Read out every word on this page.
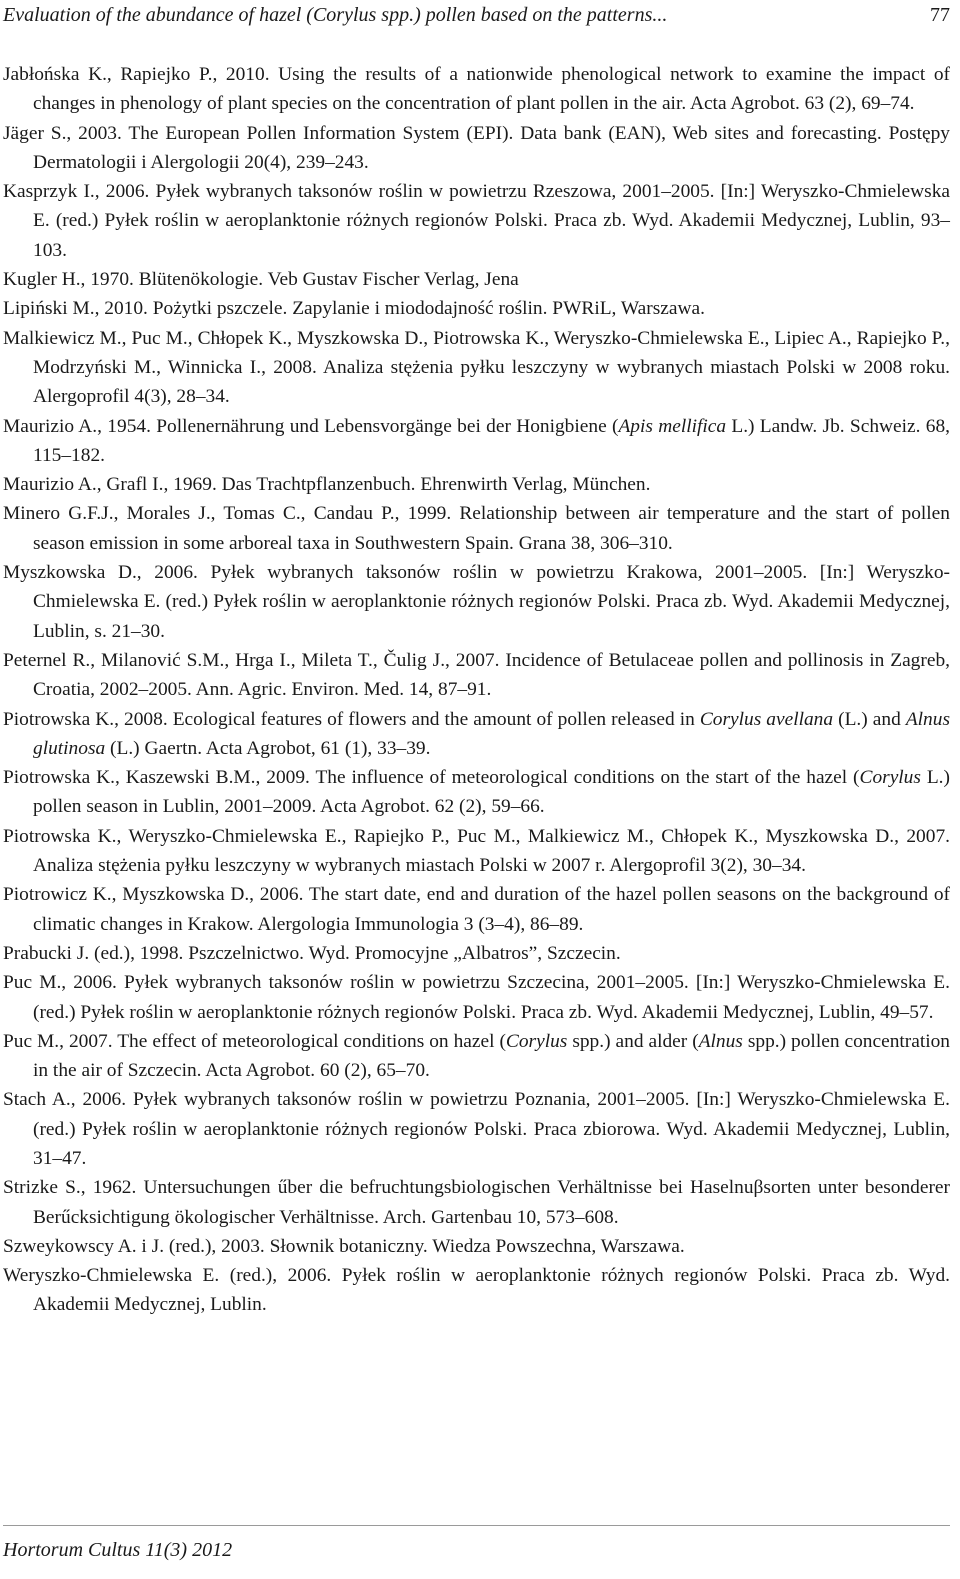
Evaluation of the abundance of hazel (Corylus spp.) pollen based on the patterns...	77

Jabłońska K., Rapiejko P., 2010. Using the results of a nationwide phenological network to examine the impact of changes in phenology of plant species on the concentration of plant pollen in the air. Acta Agrobot. 63 (2), 69–74.

Jäger S., 2003. The European Pollen Information System (EPI). Data bank (EAN), Web sites and forecasting. Postępy Dermatologii i Alergologii 20(4), 239–243.

Kasprzyk I., 2006. Pyłek wybranych taksonów roślin w powietrzu Rzeszowa, 2001–2005. [In:] Weryszko-Chmielewska E. (red.) Pyłek roślin w aeroplanktonie różnych regionów Polski. Praca zb. Wyd. Akademii Medycznej, Lublin, 93–103.

Kugler H., 1970. Blütenökologie. Veb Gustav Fischer Verlag, Jena

Lipiński M., 2010. Pożytki pszczele. Zapylanie i miododajność roślin. PWRiL, Warszawa.

Malkiewicz M., Puc M., Chłopek K., Myszkowska D., Piotrowska K., Weryszko-Chmielewska E., Lipiec A., Rapiejko P., Modrzyński M., Winnicka I., 2008. Analiza stężenia pyłku leszczyny w wybranych miastach Polski w 2008 roku. Alergoprofil 4(3), 28–34.

Maurizio A., 1954. Pollenernährung und Lebensvorgänge bei der Honigbiene (Apis mellifica L.) Landw. Jb. Schweiz. 68, 115–182.

Maurizio A., Grafl I., 1969. Das Trachtpflanzenbuch. Ehrenwirth Verlag, München.

Minero G.F.J., Morales J., Tomas C., Candau P., 1999. Relationship between air temperature and the start of pollen season emission in some arboreal taxa in Southwestern Spain. Grana 38, 306–310.

Myszkowska D., 2006. Pyłek wybranych taksonów roślin w powietrzu Krakowa, 2001–2005. [In:] Weryszko-Chmielewska E. (red.) Pyłek roślin w aeroplanktonie różnych regionów Polski. Praca zb. Wyd. Akademii Medycznej, Lublin, s. 21–30.

Peternel R., Milanović S.M., Hrga I., Mileta T., Čulig J., 2007. Incidence of Betulaceae pollen and pollinosis in Zagreb, Croatia, 2002–2005. Ann. Agric. Environ. Med. 14, 87–91.

Piotrowska K., 2008. Ecological features of flowers and the amount of pollen released in Corylus avellana (L.) and Alnus glutinosa (L.) Gaertn. Acta Agrobot, 61 (1), 33–39.

Piotrowska K., Kaszewski B.M., 2009. The influence of meteorological conditions on the start of the hazel (Corylus L.) pollen season in Lublin, 2001–2009. Acta Agrobot. 62 (2), 59–66.

Piotrowska K., Weryszko-Chmielewska E., Rapiejko P., Puc M., Malkiewicz M., Chłopek K., Myszkowska D., 2007. Analiza stężenia pyłku leszczyny w wybranych miastach Polski w 2007 r. Alergoprofil 3(2), 30–34.

Piotrowicz K., Myszkowska D., 2006. The start date, end and duration of the hazel pollen seasons on the background of climatic changes in Krakow. Alergologia Immunologia 3 (3–4), 86–89.

Prabucki J. (ed.), 1998. Pszczelnictwo. Wyd. Promocyjne „Albatros”, Szczecin.

Puc M., 2006. Pyłek wybranych taksonów roślin w powietrzu Szczecina, 2001–2005. [In:] Weryszko-Chmielewska E. (red.) Pyłek roślin w aeroplanktonie różnych regionów Polski. Praca zb. Wyd. Akademii Medycznej, Lublin, 49–57.

Puc M., 2007. The effect of meteorological conditions on hazel (Corylus spp.) and alder (Alnus spp.) pollen concentration in the air of Szczecin. Acta Agrobot. 60 (2), 65–70.

Stach A., 2006. Pyłek wybranych taksonów roślin w powietrzu Poznania, 2001–2005. [In:] Weryszko-Chmielewska E. (red.) Pyłek roślin w aeroplanktonie różnych regionów Polski. Praca zbiorowa. Wyd. Akademii Medycznej, Lublin, 31–47.

Strizke S., 1962. Untersuchungen űber die befruchtungsbiologischen Verhältnisse bei Haselnuβsorten unter besonderer Berűcksichtigung ökologischer Verhältnisse. Arch. Gartenbau 10, 573–608.

Szweykowscy A. i J. (red.), 2003. Słownik botaniczny. Wiedza Powszechna, Warszawa.

Weryszko-Chmielewska E. (red.), 2006. Pyłek roślin w aeroplanktonie różnych regionów Polski. Praca zb. Wyd. Akademii Medycznej, Lublin.

Hortorum Cultus 11(3) 2012
